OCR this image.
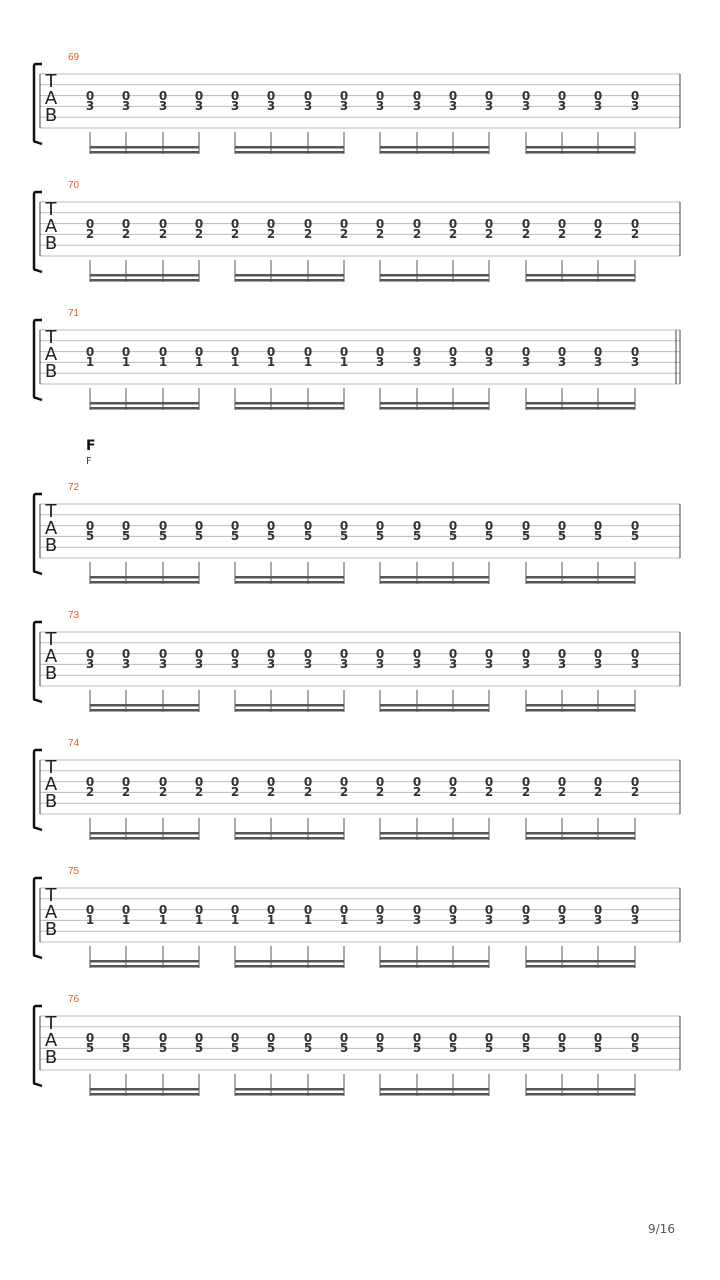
F
F
9/16
69
T
A
B
0
3
0
3
0
3
0
3
0
3
0
3
0
3
0
3
0
3
0
3
0
3
0
3
0
3
0
3
0
3
0
3
70
T
A
B
0
2
0
2
0
2
0
2
0
2
0
2
0
2
0
2
0
2
0
2
0
2
0
2
0
2
0
2
0
2
0
2
71
T
A
B
0
1
0
1
0
1
0
1
0
1
0
1
0
1
0
1
0
3
0
3
0
3
0
3
0
3
0
3
0
3
0
3
72
T
A
B
0
5
0
5
0
5
0
5
0
5
0
5
0
5
0
5
0
5
0
5
0
5
0
5
0
5
0
5
0
5
0
5
73
T
A
B
0
3
0
3
0
3
0
3
0
3
0
3
0
3
0
3
0
3
0
3
0
3
0
3
0
3
0
3
0
3
0
3
74
T
A
B
0
2
0
2
0
2
0
2
0
2
0
2
0
2
0
2
0
2
0
2
0
2
0
2
0
2
0
2
0
2
0
2
75
T
A
B
0
1
0
1
0
1
0
1
0
1
0
1
0
1
0
1
0
3
0
3
0
3
0
3
0
3
0
3
0
3
0
3
76
T
A
B
0
5
0
5
0
5
0
5
0
5
0
5
0
5
0
5
0
5
0
5
0
5
0
5
0
5
0
5
0
5
0
5
